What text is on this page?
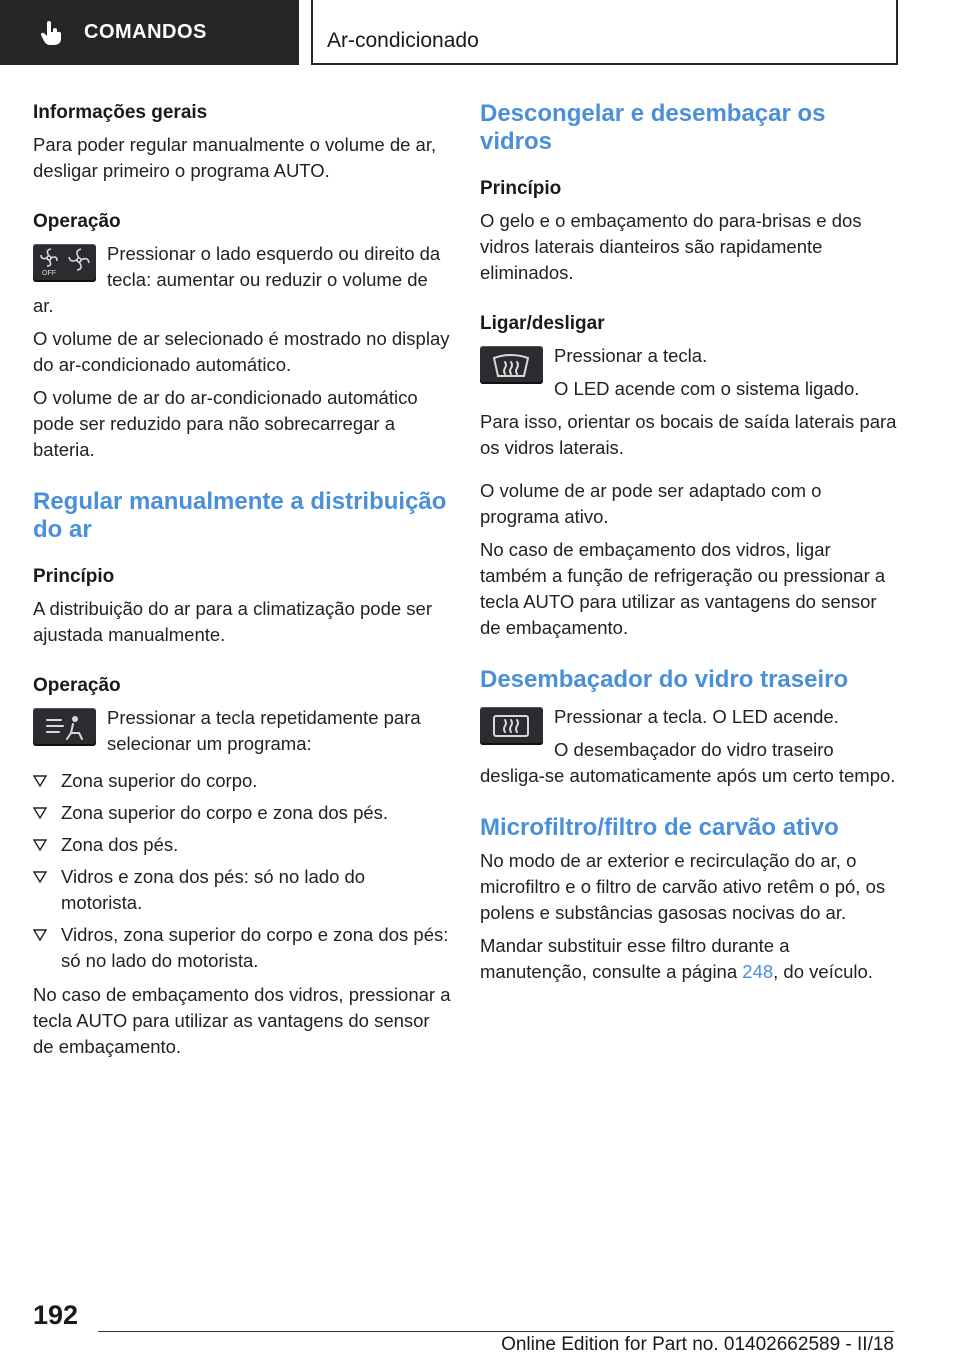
COMANDOS	Ar-condicionado
Informações gerais

Para poder regular manualmente o volume de ar, desligar primeiro o programa AUTO.

Operação
OFF

Pressionar o lado esquerdo ou direito da tecla: aumentar ou reduzir o volume de ar.

O volume de ar selecionado é mostrado no display do ar-condicionado automático.

O volume de ar do ar-condicionado automático pode ser reduzido para não sobrecarregar a bateria.

Regular manualmente a distribuição do ar
Princípio

A distribuição do ar para a climatização pode ser ajustada manualmente.

Operação

Pressionar a tecla repetidamente para selecionar um programa:

Zona superior do corpo.
Zona superior do corpo e zona dos pés.
Zona dos pés.
Vidros e zona dos pés: só no lado do motorista.
Vidros, zona superior do corpo e zona dos pés: só no lado do motorista.

No caso de embaçamento dos vidros, pressionar a tecla AUTO para utilizar as vantagens do sensor de embaçamento.

Descongelar e desembaçar os vidros
Princípio

O gelo e o embaçamento do para-brisas e dos vidros laterais dianteiros são rapidamente eliminados.

Ligar/desligar

Pressionar a tecla.

O LED acende com o sistema ligado.

Para isso, orientar os bocais de saída laterais para os vidros laterais.

O volume de ar pode ser adaptado com o programa ativo.

No caso de embaçamento dos vidros, ligar também a função de refrigeração ou pressionar a tecla AUTO para utilizar as vantagens do sensor de embaçamento.

Desembaçador do vidro traseiro

Pressionar a tecla. O LED acende.

O desembaçador do vidro traseiro desliga-se automaticamente após um certo tempo.

Microfiltro/filtro de carvão ativo

No modo de ar exterior e recirculação do ar, o microfiltro e o filtro de carvão ativo retêm o pó, os polens e substâncias gasosas nocivas do ar.

Mandar substituir esse filtro durante a manutenção, consulte a página 248, do veículo.

192
Online Edition for Part no. 01402662589 - II/18
